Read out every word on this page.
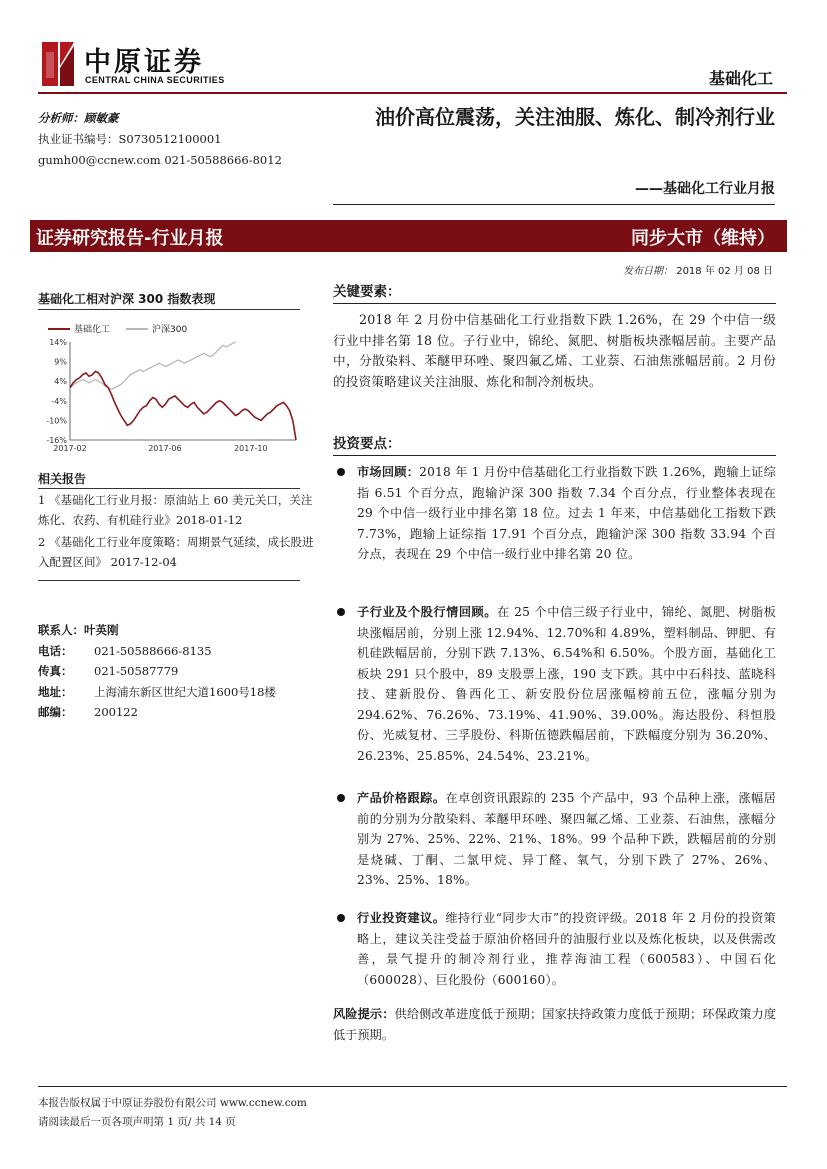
中原证券
CENTRAL CHINA SECURITIES	基础化工
分析师：顾敏豪
执业证书编号：S0730512100001
gumh00@ccnew.com 021-50588666-8012
油价高位震荡，关注油服、炼化、制冷剂行业
——基础化工行业月报
证券研究报告-行业月报	同步大市（维持）
发布日期： 2018 年 02 月 08 日
基础化工相对沪深 300 指数表现
基础化工	沪深300
14%
9%
4%
-4%
-10%
-16%
2017-02	2017-06	2017-10
相关报告
1 《基础化工行业月报：原油站上 60 美元关口，关注炼化、农药、有机硅行业》2018-01-12
2 《基础化工行业年度策略：周期景气延续，成长股进入配置区间》 2017-12-04
联系人：叶英刚
电话：	021-50588666-8135
传真：	021-50587779
地址：	上海浦东新区世纪大道1600号18楼
邮编：	200122
关键要素：
2018 年 2 月份中信基础化工行业指数下跌 1.26%，在 29 个中信一级行业中排名第 18 位。子行业中，锦纶、氮肥、树脂板块涨幅居前。主要产品中，分散染料、苯醚甲环唑、聚四氟乙烯、工业萘、石油焦涨幅居前。2 月份的投资策略建议关注油服、炼化和制冷剂板块。
投资要点：
市场回顾：2018 年 1 月份中信基础化工行业指数下跌 1.26%，跑输上证综指 6.51 个百分点，跑输沪深 300 指数 7.34 个百分点，行业整体表现在 29 个中信一级行业中排名第 18 位。过去 1 年来，中信基础化工指数下跌 7.73%，跑输上证综指 17.91 个百分点，跑输沪深 300 指数 33.94 个百分点，表现在 29 个中信一级行业中排名第 20 位。
子行业及个股行情回顾。在 25 个中信三级子行业中，锦纶、氮肥、树脂板块涨幅居前，分别上涨 12.94%、12.70%和 4.89%，塑料制品、钾肥、有机硅跌幅居前，分别下跌 7.13%、6.54%和 6.50%。个股方面，基础化工板块 291 只个股中，89 支股票上涨，190 支下跌。其中中石科技、蓝晓科技、建新股份、鲁西化工、新安股份位居涨幅榜前五位，涨幅分别为 294.62%、76.26%、73.19%、41.90%、39.00%。海达股份、科恒股份、光威复材、三孚股份、科斯伍德跌幅居前，下跌幅度分别为 36.20%、26.23%、25.85%、24.54%、23.21%。
产品价格跟踪。在卓创资讯跟踪的 235 个产品中，93 个品种上涨，涨幅居前的分别为分散染料、苯醚甲环唑、聚四氟乙烯、工业萘、石油焦，涨幅分别为 27%、25%、22%、21%、18%。99 个品种下跌，跌幅居前的分别是烧碱、丁酮、二氯甲烷、异丁醛、氧气，分别下跌了 27%、26%、23%、25%、18%。
行业投资建议。维持行业“同步大市”的投资评级。2018 年 2 月份的投资策略上，建议关注受益于原油价格回升的油服行业以及炼化板块，以及供需改善，景气提升的制冷剂行业，推荐海油工程（600583）、中国石化（600028）、巨化股份（600160）。
风险提示：供给侧改革进度低于预期；国家扶持政策力度低于预期；环保政策力度低于预期。
本报告版权属于中原证券股份有限公司 www.ccnew.com
请阅读最后一页各项声明第 1 页/ 共 14 页
